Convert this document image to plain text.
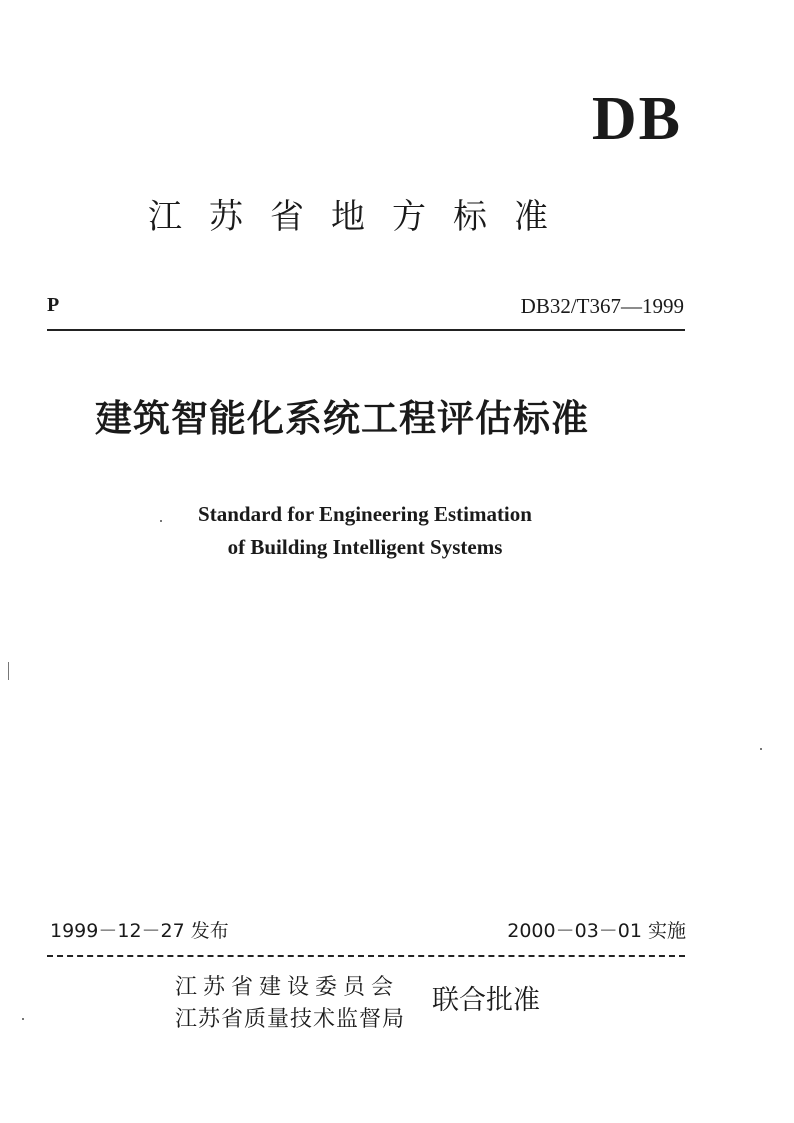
DB
江苏省地方标准
P	DB32/T367—1999
建筑智能化系统工程评估标准
Standard for Engineering Estimation
of Building Intelligent Systems
1999－12－27 发布	2000－03－01 实施
江苏省建设委员会
江苏省质量技术监督局
联合批准
